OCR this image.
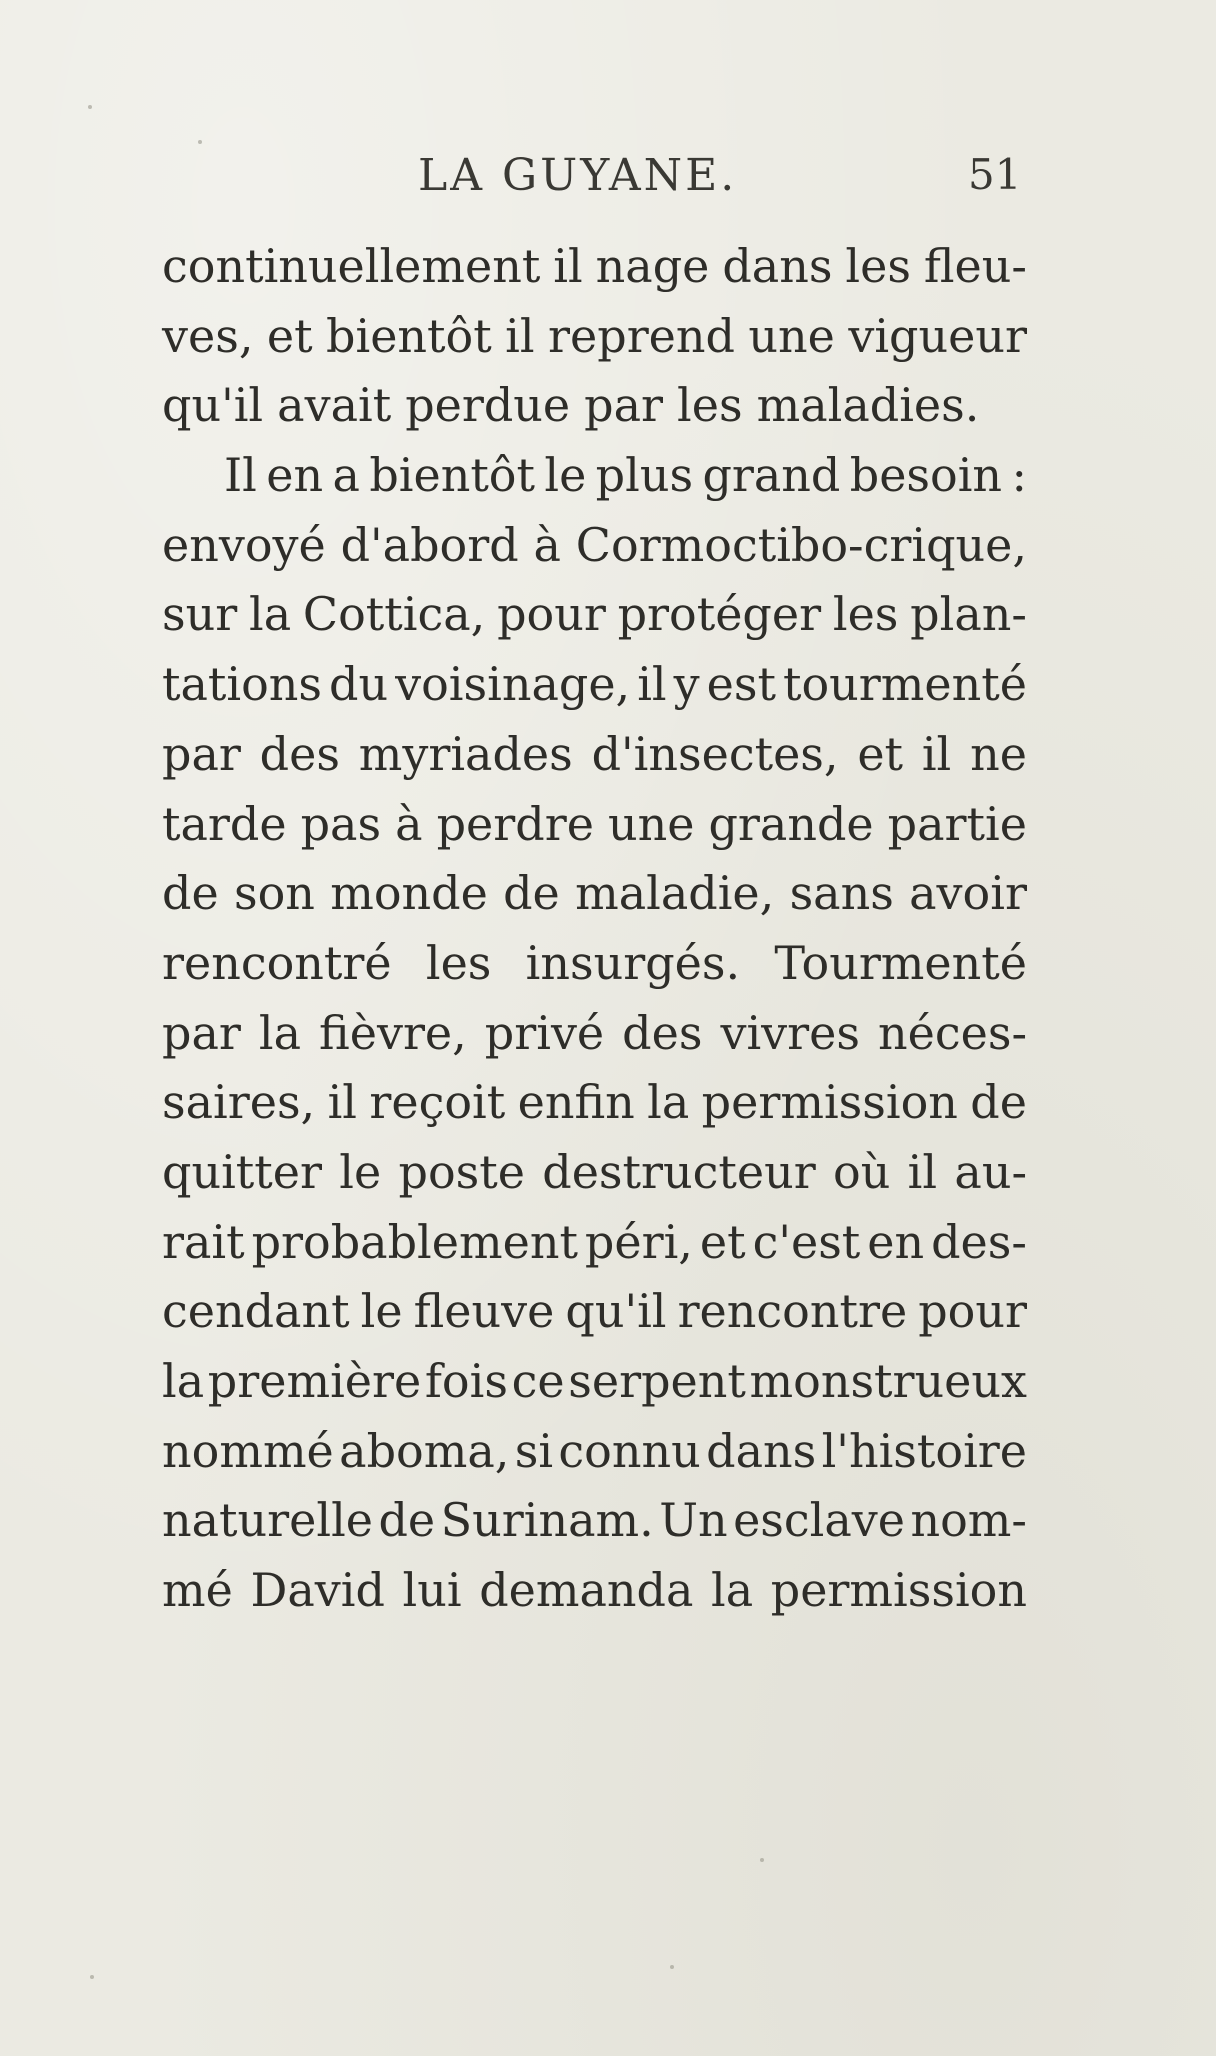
LA GUYANE.	51
continuellement il nage dans les fleu-
ves, et bientôt il reprend une vigueur
qu'il avait perdue par les maladies.
Il en a bientôt le plus grand besoin :
envoyé d'abord à Cormoctibo-crique,
sur la Cottica, pour protéger les plan-
tations du voisinage, il y est tourmenté
par des myriades d'insectes, et il ne
tarde pas à perdre une grande partie
de son monde de maladie, sans avoir
rencontré les insurgés. Tourmenté
par la fièvre, privé des vivres néces-
saires, il reçoit enfin la permission de
quitter le poste destructeur où il au-
rait probablement péri, et c'est en des-
cendant le fleuve qu'il rencontre pour
la première fois ce serpent monstrueux
nommé aboma, si connu dans l'histoire
naturelle de Surinam. Un esclave nom-
mé David lui demanda la permission
